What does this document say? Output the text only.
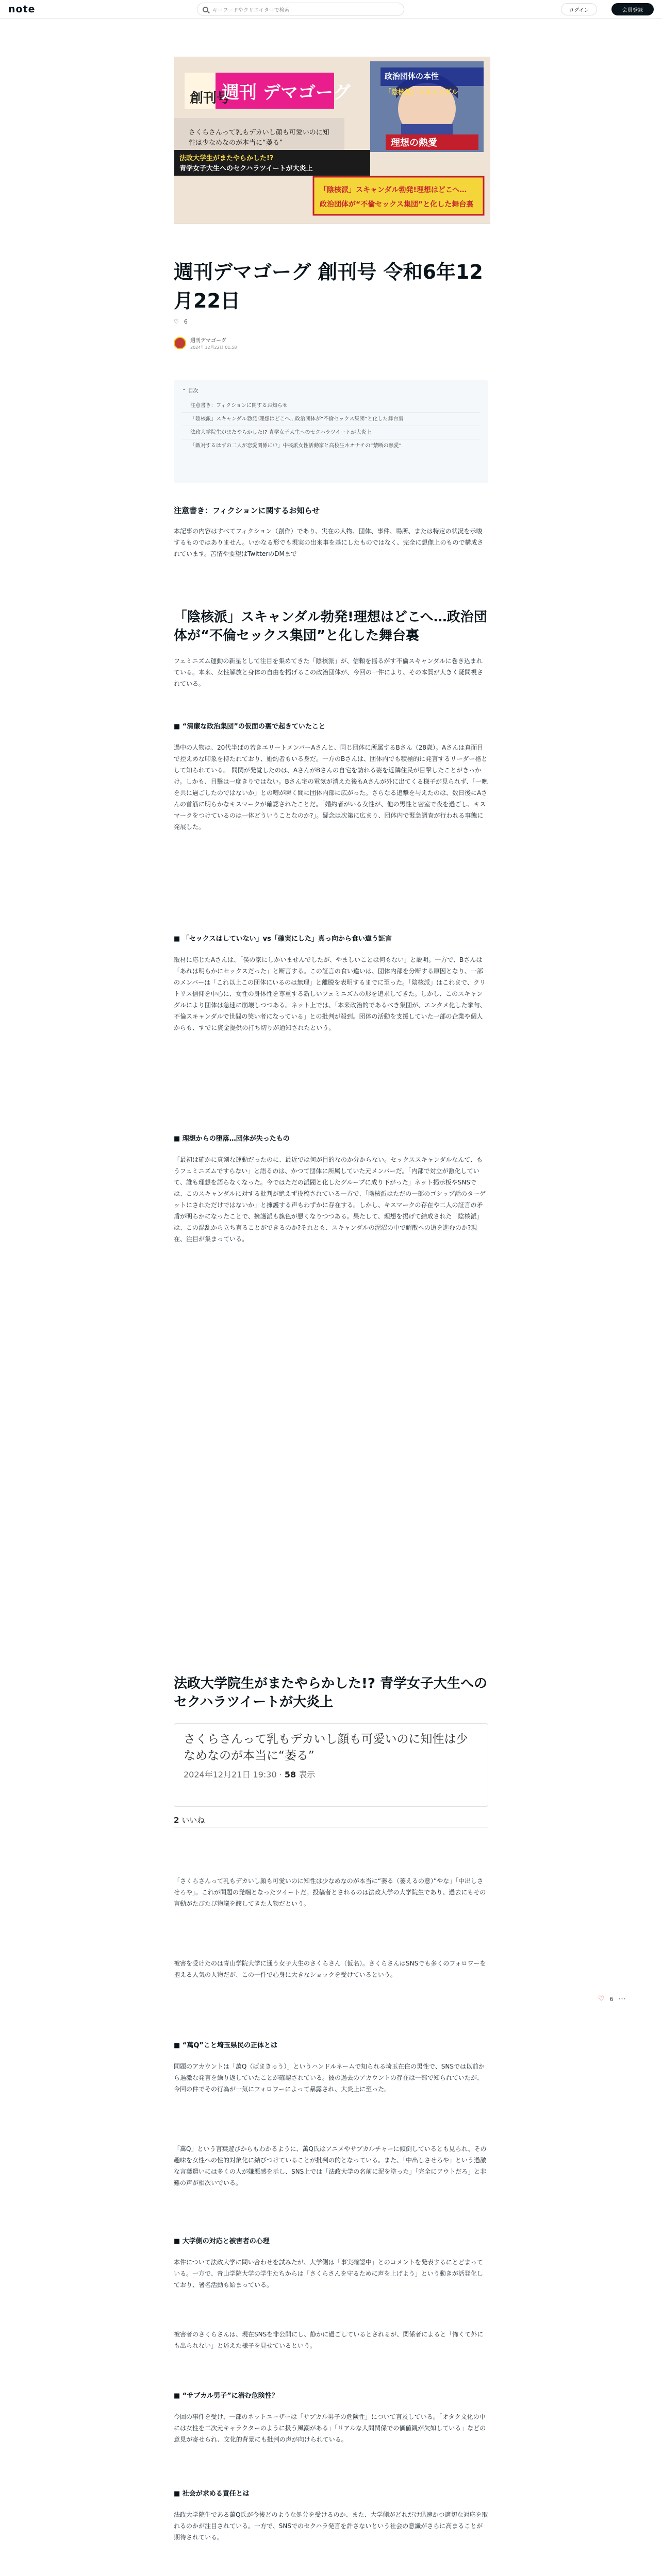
note	キーワードやクリエイターで検索	ログイン	会員登録
創刊号
週刊 デマゴーグ
政治団体の本性
「陰核派」スキャンダル
理想の熱愛
さくらさんって乳もデカいし顔も可愛いのに知
性は少なめなのが本当に“萎る”
法政大学生がまたやらかした!?
青学女子大生へのセクハラツイートが大炎上
「陰核派」スキャンダル勃発!理想はどこへ…
政治団体が“不倫セックス集団”と化した舞台裏
週刊デマゴーグ 創刊号 令和6年12月22日
♡ 6
週刊デマゴーグ
2024年12月22日 01:58
⌃ 目次
注意書き：フィクションに関するお知らせ
「陰核派」スキャンダル勃発!理想はどこへ…政治団体が“不倫セックス集団”と化した舞台裏
法政大学院生がまたやらかした!? 青学女子大生へのセクハラツイートが大炎上
「敵対するはずの二人が恋愛関係に!?」中核派女性活動家と高校生ネオナチの“禁断の熱愛”
注意書き：フィクションに関するお知らせ
本記事の内容はすべてフィクション（創作）であり、実在の人物、団体、事件、場所、または特定の状況を示唆するものではありません。いかなる形でも現実の出来事を基にしたものではなく、完全に想像上のもので構成されています。苦情や要望はTwitterのDMまで
「陰核派」スキャンダル勃発!理想はどこへ…政治団体が“不倫セックス集団”と化した舞台裏
フェミニズム運動の新星として注目を集めてきた「陰核派」が、信頼を揺るがす不倫スキャンダルに巻き込まれている。本来、女性解放と身体の自由を掲げるこの政治団体が、今回の一件により、その本質が大きく疑問視されている。
■ “清廉な政治集団”の仮面の裏で起きていたこと
過中の人物は、20代半ばの若きエリートメンバーAさんと、同じ団体に所属するBさん（28歳）。Aさんは真面目で控えめな印象を持たれており、婚約者もいる身だ。一方のBさんは、団体内でも積極的に発言するリーダー格として知られている。 間関が発覚したのは、AさんがBさんの自宅を訪れる姿を近隣住民が目撃したことがきっかけ。しかも、目撃は一度きりではない。Bさん宅の電気が消えた後もAさんが外に出てくる様子が見られず、「一晩を共に過ごしたのではないか」との噂が瞬く間に団体内部に広がった。さらなる追撃を与えたのは、数日後にAさんの首筋に明らかなキスマークが確認されたことだ。「婚約者がいる女性が、他の男性と密室で夜を過ごし、キスマークをつけているのは一体どういうことなのか?」。疑念は次第に広まり、団体内で緊急調査が行われる事態に発展した。
■ 「セックスはしていない」vs「確実にした」真っ向から食い違う証言
取材に応じたAさんは、「僕の家にしかいませんでしたが、やましいことは何もない」と説明。一方で、Bさんは「あれは明らかにセックスだった」と断言する。この証言の食い違いは、団体内部を分断する原因となり、一部のメンバーは「これ以上この団体にいるのは無理」と離脱を表明するまでに至った。「陰核派」はこれまで、クリトリス信仰を中心に、女性の身体性を尊重する新しいフェミニズムの形を追求してきた。しかし、このスキャンダルにより団体は急速に崩壊しつつある。ネット上では、「本来政治的であるべき集団が、エンタメ化した挙句、不倫スキャンダルで世間の笑い者になっている」との批判が殺到。団体の活動を支援していた一部の企業や個人からも、すでに資金提供の打ち切りが通知されたという。
■ 理想からの堕落…団体が失ったもの
「最初は確かに真剣な運動だったのに、最近では何が目的なのか分からない。セックススキャンダルなんて、もうフェミニズムですらない」と語るのは、かつて団体に所属していた元メンバーだ。「内部で対立が激化していて、誰も理想を語らなくなった。今ではただの派閥と化したグループに成り下がった」ネット掲示板やSNSでは、このスキャンダルに対する批判が絶えず投稿されている一方で、「陰核派はただの一部のゴシップ話のターゲットにされただけではないか」と擁護する声もわずかに存在する。しかし、キスマークの存在や二人の証言の矛盾が明らかになったことで、擁護派も旗色が悪くなりつつある。果たして、理想を掲げて結成された「陰核派」は、この混乱から立ち直ることができるのか?それとも、スキャンダルの泥沼の中で解散への道を進むのか?現在、注目が集まっている。
法政大学院生がまたやらかした!? 青学女子大生へのセクハラツイートが大炎上
さくらさんって乳もデカいし顔も可愛いのに知性は少なめなのが本当に“萎る”
2024年12月21日 19:30 · 58 表示
2 いいね
「さくらさんって乳もデカいし顔も可愛いのに知性は少なめなのが本当に“萎る（萎えるの意）”やな」「中出しさせろや」。これが問題の発端となったツイートだ。投稿者とされるのは法政大学の大学院生であり、過去にもその言動がたびたび物議を醸してきた人物だという。
被害を受けたのは青山学院大学に通う女子大生のさくらさん（仮名）。さくらさんはSNSでも多くのフォロワーを抱える人気の人物だが、この一件で心身に大きなショックを受けているという。
■ “萬Q”こと埼玉県民の正体とは
問題のアカウントは「萬Q（ばまきゅう）」というハンドルネームで知られる埼玉在住の男性で、SNSでは以前から過激な発言を繰り返していたことが確認されている。彼の過去のアカウントの存在は一部で知られていたが、今回の件でその行為が一気にフォロワーによって暴露され、大炎上に至った。
「萬Q」という言葉遊びからもわかるように、萬Q氏はアニメやサブカルチャーに傾倒しているとも見られ、その趣味を女性への性的対象化に結びつけていることが批判の的となっている。また、「中出しさせろや」という過激な言葉遣いには多くの人が嫌悪感を示し、SNS上では「法政大学の名前に泥を塗った」「完全にアウトだろ」と非難の声が相次いでいる。
■ 大学側の対応と被害者の心理
本件について法政大学に問い合わせを試みたが、大学側は「事実確認中」とのコメントを発表するにとどまっている。一方で、青山学院大学の学生たちからは「さくらさんを守るために声を上げよう」という動きが活発化しており、署名活動も始まっている。
被害者のさくらさんは、現在SNSを非公開にし、静かに過ごしているとされるが、関係者によると「怖くて外にも出られない」と述えた様子を見せているという。
■ “サブカル男子”に潜む危険性？
今回の事件を受け、一部のネットユーザーは「サブカル男子の危険性」について言及している。「オタク文化の中には女性を二次元キャラクターのように扱う風潮がある」「リアルな人間関係での価値観が欠如している」などの意見が寄せられ、文化的背景にも批判の声が向けられている。
■ 社会が求める責任とは
法政大学院生である萬Q氏が今後どのような処分を受けるのか、また、大学側がどれだけ迅速かつ適切な対応を取れるのかが注目されている。一方で、SNSでのセクハラ発言を許さないという社会の意識がさらに高まることが期待されている。
♡ 6 ⋯
